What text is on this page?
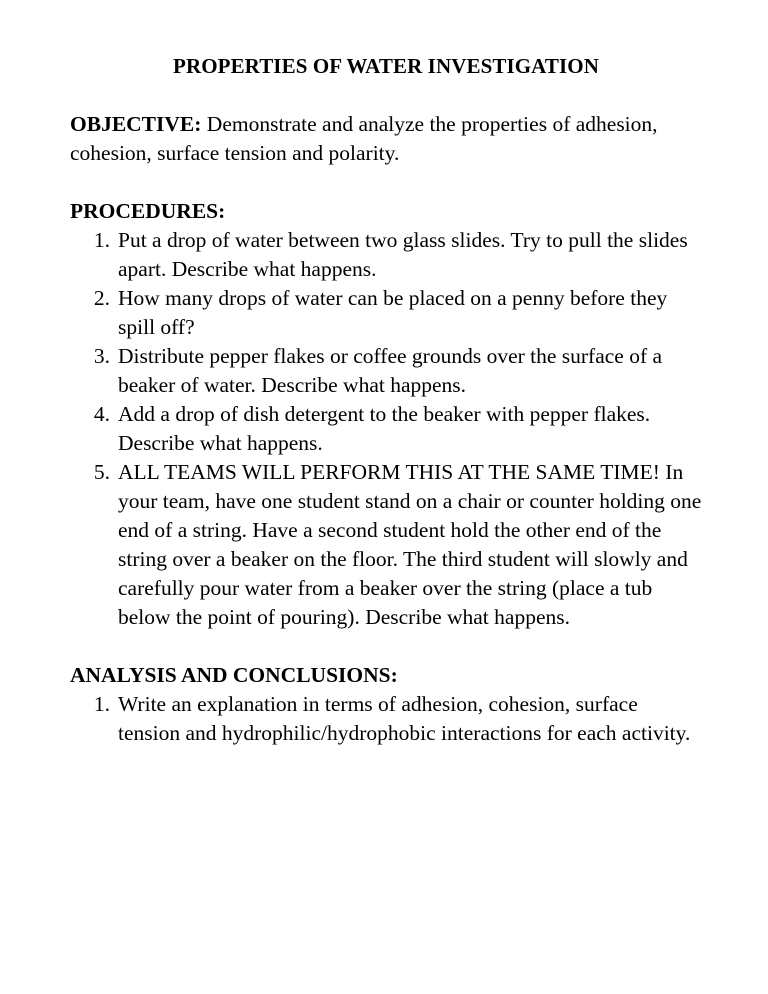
PROPERTIES OF WATER INVESTIGATION

OBJECTIVE: Demonstrate and analyze the properties of adhesion, cohesion, surface tension and polarity.

PROCEDURES:
1. Put a drop of water between two glass slides. Try to pull the slides apart. Describe what happens.
2. How many drops of water can be placed on a penny before they spill off?
3. Distribute pepper flakes or coffee grounds over the surface of a beaker of water. Describe what happens.
4. Add a drop of dish detergent to the beaker with pepper flakes. Describe what happens.
5. ALL TEAMS WILL PERFORM THIS AT THE SAME TIME! In your team, have one student stand on a chair or counter holding one end of a string. Have a second student hold the other end of the string over a beaker on the floor. The third student will slowly and carefully pour water from a beaker over the string (place a tub below the point of pouring). Describe what happens.
ANALYSIS AND CONCLUSIONS:
1. Write an explanation in terms of adhesion, cohesion, surface tension and hydrophilic/hydrophobic interactions for each activity.
